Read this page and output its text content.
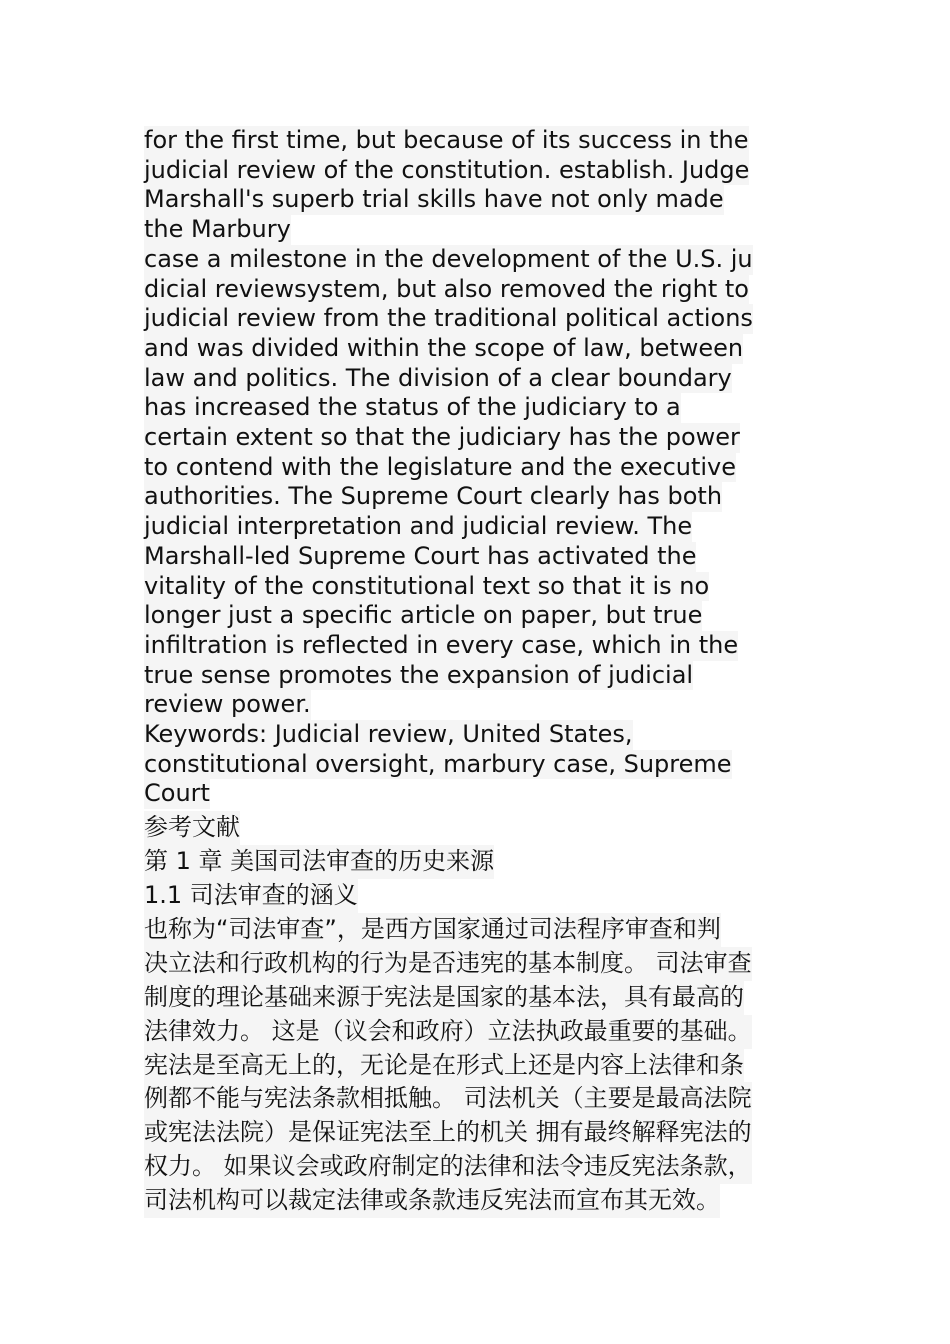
for the first time, but because of its success in the
judicial review of the constitution. establish. Judge
Marshall's superb trial skills have not only made
the Marbury
case a milestone in the development of the U.S. ju
dicial reviewsystem, but also removed the right to
judicial review from the traditional political actions
and was divided within the scope of law, between
law and politics. The division of a clear boundary
has increased the status of the judiciary to a
certain extent so that the judiciary has the power
to contend with the legislature and the executive
authorities. The Supreme Court clearly has both
judicial interpretation and judicial review. The
Marshall-led Supreme Court has activated the
vitality of the constitutional text so that it is no
longer just a specific article on paper, but true
infiltration is reflected in every case, which in the
true sense promotes the expansion of judicial
review power.
Keywords: Judicial review, United States,
constitutional oversight, marbury case, Supreme
Court
参考文献
第 1 章 美国司法审查的历史来源
1.1 司法审查的涵义
也称为“司法审查”，是西方国家通过司法程序审查和判
决立法和行政机构的行为是否违宪的基本制度。 司法审查
制度的理论基础来源于宪法是国家的基本法，具有最高的
法律效力。 这是（议会和政府）立法执政最重要的基础。
宪法是至高无上的，无论是在形式上还是内容上法律和条
例都不能与宪法条款相抵触。 司法机关（主要是最高法院
或宪法法院）是保证宪法至上的机关 拥有最终解释宪法的
权力。 如果议会或政府制定的法律和法令违反宪法条款，
司法机构可以裁定法律或条款违反宪法而宣布其无效。
